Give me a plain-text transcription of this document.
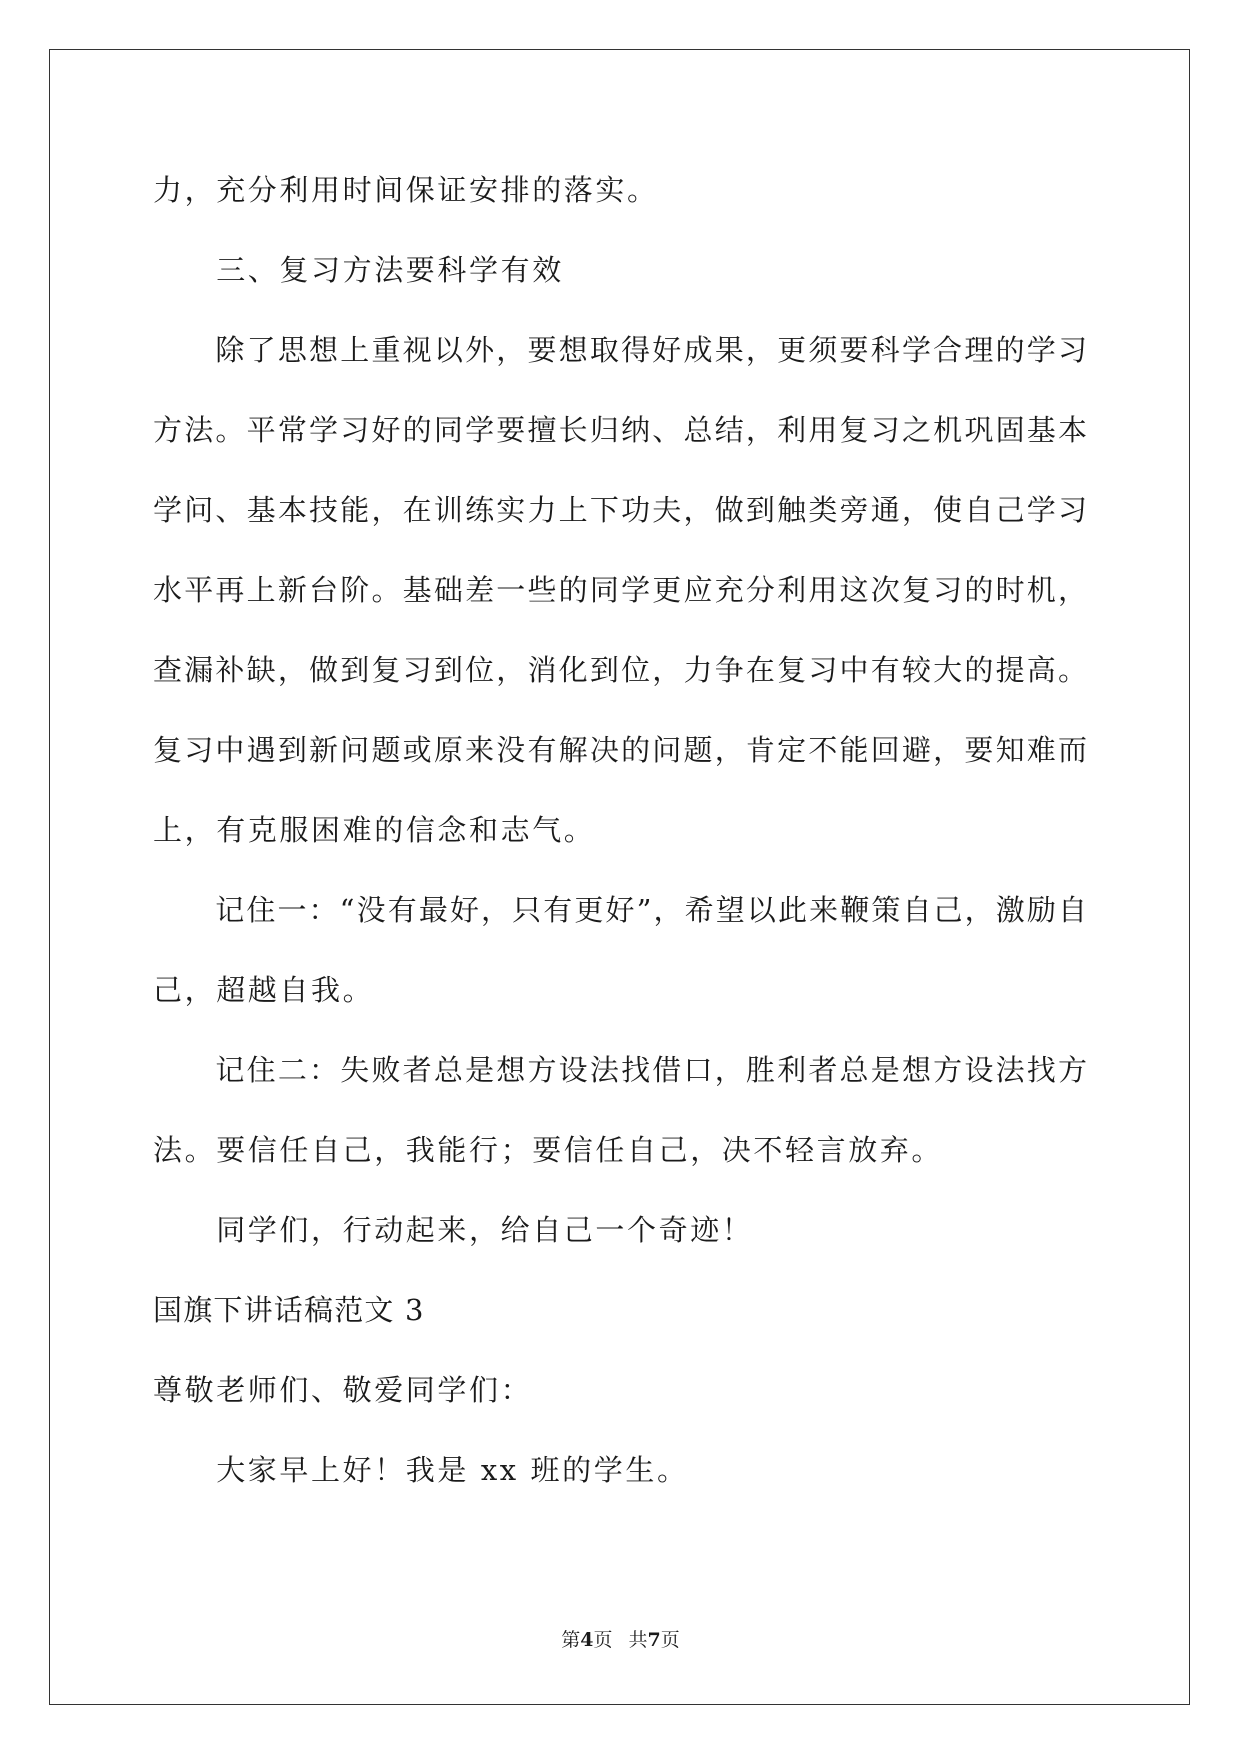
力，充分利用时间保证安排的落实。
　　三、复习方法要科学有效
　　除了思想上重视以外，要想取得好成果，更须要科学合理的学习
方法。平常学习好的同学要擅长归纳、总结，利用复习之机巩固基本
学问、基本技能，在训练实力上下功夫，做到触类旁通，使自己学习
水平再上新台阶。基础差一些的同学更应充分利用这次复习的时机，
查漏补缺，做到复习到位，消化到位，力争在复习中有较大的提高。
复习中遇到新问题或原来没有解决的问题，肯定不能回避，要知难而
上，有克服困难的信念和志气。
　　记住一：“没有最好，只有更好”，希望以此来鞭策自己，激励自
己，超越自我。
　　记住二：失败者总是想方设法找借口，胜利者总是想方设法找方
法。要信任自己，我能行；要信任自己，决不轻言放弃。
　　同学们，行动起来，给自己一个奇迹！
国旗下讲话稿范文 3
尊敬老师们、敬爱同学们：
　　大家早上好！我是 xx 班的学生。
第4页 共7页
